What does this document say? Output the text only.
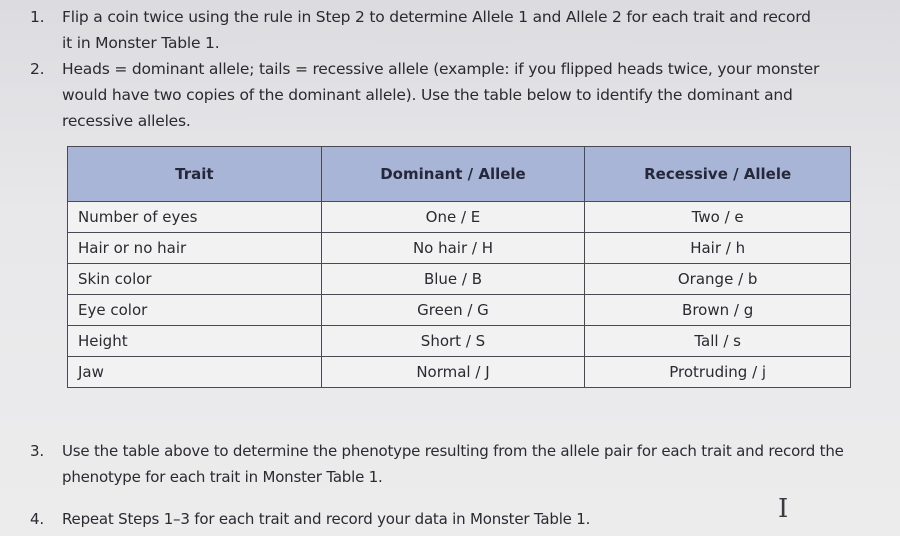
1. Flip a coin twice using the rule in Step 2 to determine Allele 1 and Allele 2 for each trait and record it in Monster Table 1.
2. Heads = dominant allele; tails = recessive allele (example: if you flipped heads twice, your monster would have two copies of the dominant allele). Use the table below to identify the dominant and recessive alleles.
Trait	Dominant / Allele	Recessive / Allele
Number of eyes	One / E	Two / e
Hair or no hair	No hair / H	Hair / h
Skin color	Blue / B	Orange / b
Eye color	Green / G	Brown / g
Height	Short / S	Tall / s
Jaw	Normal / J	Protruding / j
3. Use the table above to determine the phenotype resulting from the allele pair for each trait and record the phenotype for each trait in Monster Table 1.
4. Repeat Steps 1–3 for each trait and record your data in Monster Table 1.	I
